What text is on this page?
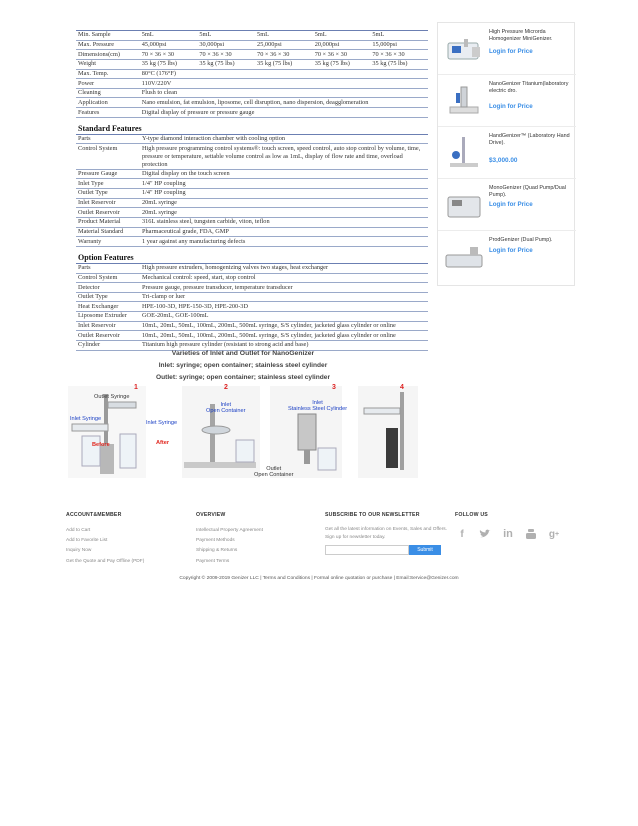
Min. Sample	5mL	5mL	5mL	5mL	5mL
Max. Pressure	45,000psi	30,000psi	25,000psi	20,000psi	15,000psi
Dimensions(cm)	70 × 36 × 30	70 × 36 × 30	70 × 36 × 30	70 × 36 × 30	70 × 36 × 30
Weight	35 kg (75 lbs)	35 kg (75 lbs)	35 kg (75 lbs)	35 kg (75 lbs)	35 kg (75 lbs)
Max. Temp.	80°C (176°F)				
Power	110V/220V				
Cleaning	Flush to clean				
Application	Nano emulsion, fat emulsion, liposome, cell disruption, nano dispersion, deagglomeration				
Features	Digital display of pressure or pressure gauge				
Standard Features
Parts	Y-type diamond interaction chamber with cooling option
Control System	High pressure programming control systems®: touch screen, speed control, auto stop control by volume, time, pressure or temperature, settable volume control as low as 1mL, display of flow rate and time, overload protection
Pressure Gauge	Digital display on the touch screen
Inlet Type	1/4" HP coupling
Outlet Type	1/4" HP coupling
Inlet Reservoir	20mL syringe
Outlet Reservoir	20mL syringe
Product Material	316L stainless steel, tungsten carbide, viton, teflon
Material Standard	Pharmaceutical grade, FDA, GMP
Warranty	1 year against any manufacturing defects
Option Features
Parts	High pressure extruders, homogenizing valves two stages, heat exchanger
Control System	Mechanical control: speed, start, stop control
Detector	Pressure gauge, pressure transducer, temperature transducer
Outlet Type	Tri-clamp or luer
Heat Exchanger	HPE-100-3D, HPE-150-3D, HPE-200-3D
Liposome Extruder	GOE-20mL, GOE-100mL
Inlet Reservoir	10mL, 20mL, 50mL, 100mL, 200mL, 500mL syringe, S/S cylinder, jacketed glass cylinder or online
Outlet Reservoir	10mL, 20mL, 50mL, 100mL, 200mL, 500mL syringe, S/S cylinder, jacketed glass cylinder or online
Cylinder	Titanium high pressure cylinder (resistant to strong acid and base)
High Pressure Microrda Homogenizer MiniGenizer.
Login for Price
NanoGenizer Titanium(laboratory electric dro.
Login for Price
HandGenizer™ (Laboratory Hand Drive).
$3,000.00
MonoGenizer (Quad Pump/Dual Pump).
Login for Price
ProdGenizer (Dual Pump).
Login for Price
Varieties of Inlet and Outlet for NanoGenizer
Inlet: syringe; open container; stainless steel cylinder
Outlet: syringe; open container; stainless steel cylinder
1	2	3	4
Outlet Syringe
Inlet Syringe
Inlet Syringe
Before	After
Inlet
Open Container
Inlet
Stainless Steel Cylinder
Outlet
Open Container
ACCOUNT&MEMBER
Add to Cart
Add to Favorite List
Inquiry Now
Get the Quote and Pay Offline (PDF)
OVERVIEW
Intellectual Property Agreement
Payment Methods
Shipping & Returns
Payment Terms
SUBSCRIBE TO OUR NEWSLETTER
Get all the latest information on Events, Sales and Offers. Sign up for newsletter today.
Submit
FOLLOW US
f	in	g +
Copyright © 2009-2019 Genizer LLC | Terms and Conditions | Formal online quotation or purchase | Email:Service@Genizer.com
